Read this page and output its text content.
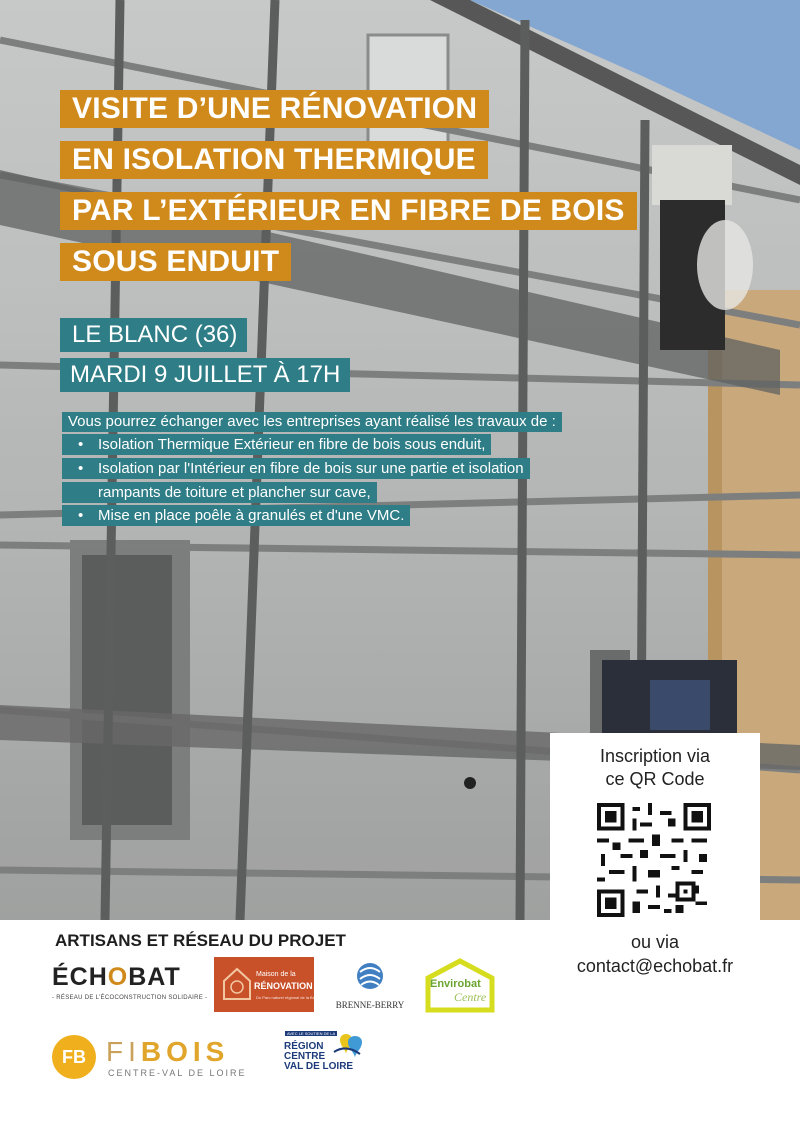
VISITE D’UNE RÉNOVATION
EN ISOLATION THERMIQUE
PAR L’EXTÉRIEUR EN FIBRE DE BOIS
SOUS ENDUIT
LE BLANC (36)
MARDI 9 JUILLET À 17H
Vous pourrez échanger avec les entreprises ayant réalisé les travaux de :
• Isolation Thermique Extérieur en fibre de bois sous enduit,
• Isolation par l'Intérieur en fibre de bois sur une partie et isolation
rampants de toiture et plancher sur cave,
• Mise en place poêle à granulés et d'une VMC.
Inscription via
ce QR Code
ou via
contact@echobat.fr
ARTISANS ET RÉSEAU DU PROJET
ÉCHOBAT
- RÉSEAU DE L’ÉCOCONSTRUCTION SOLIDAIRE -
Maison de la
RÉNOVATION
Du Parc naturel régional de la Brenne
BRENNE-BERRY
Envirobat
Centre
FB FIBOIS
CENTRE-VAL DE LOIRE
AVEC LE SOUTIEN DE LA
RÉGION
CENTRE
VAL DE LOIRE
